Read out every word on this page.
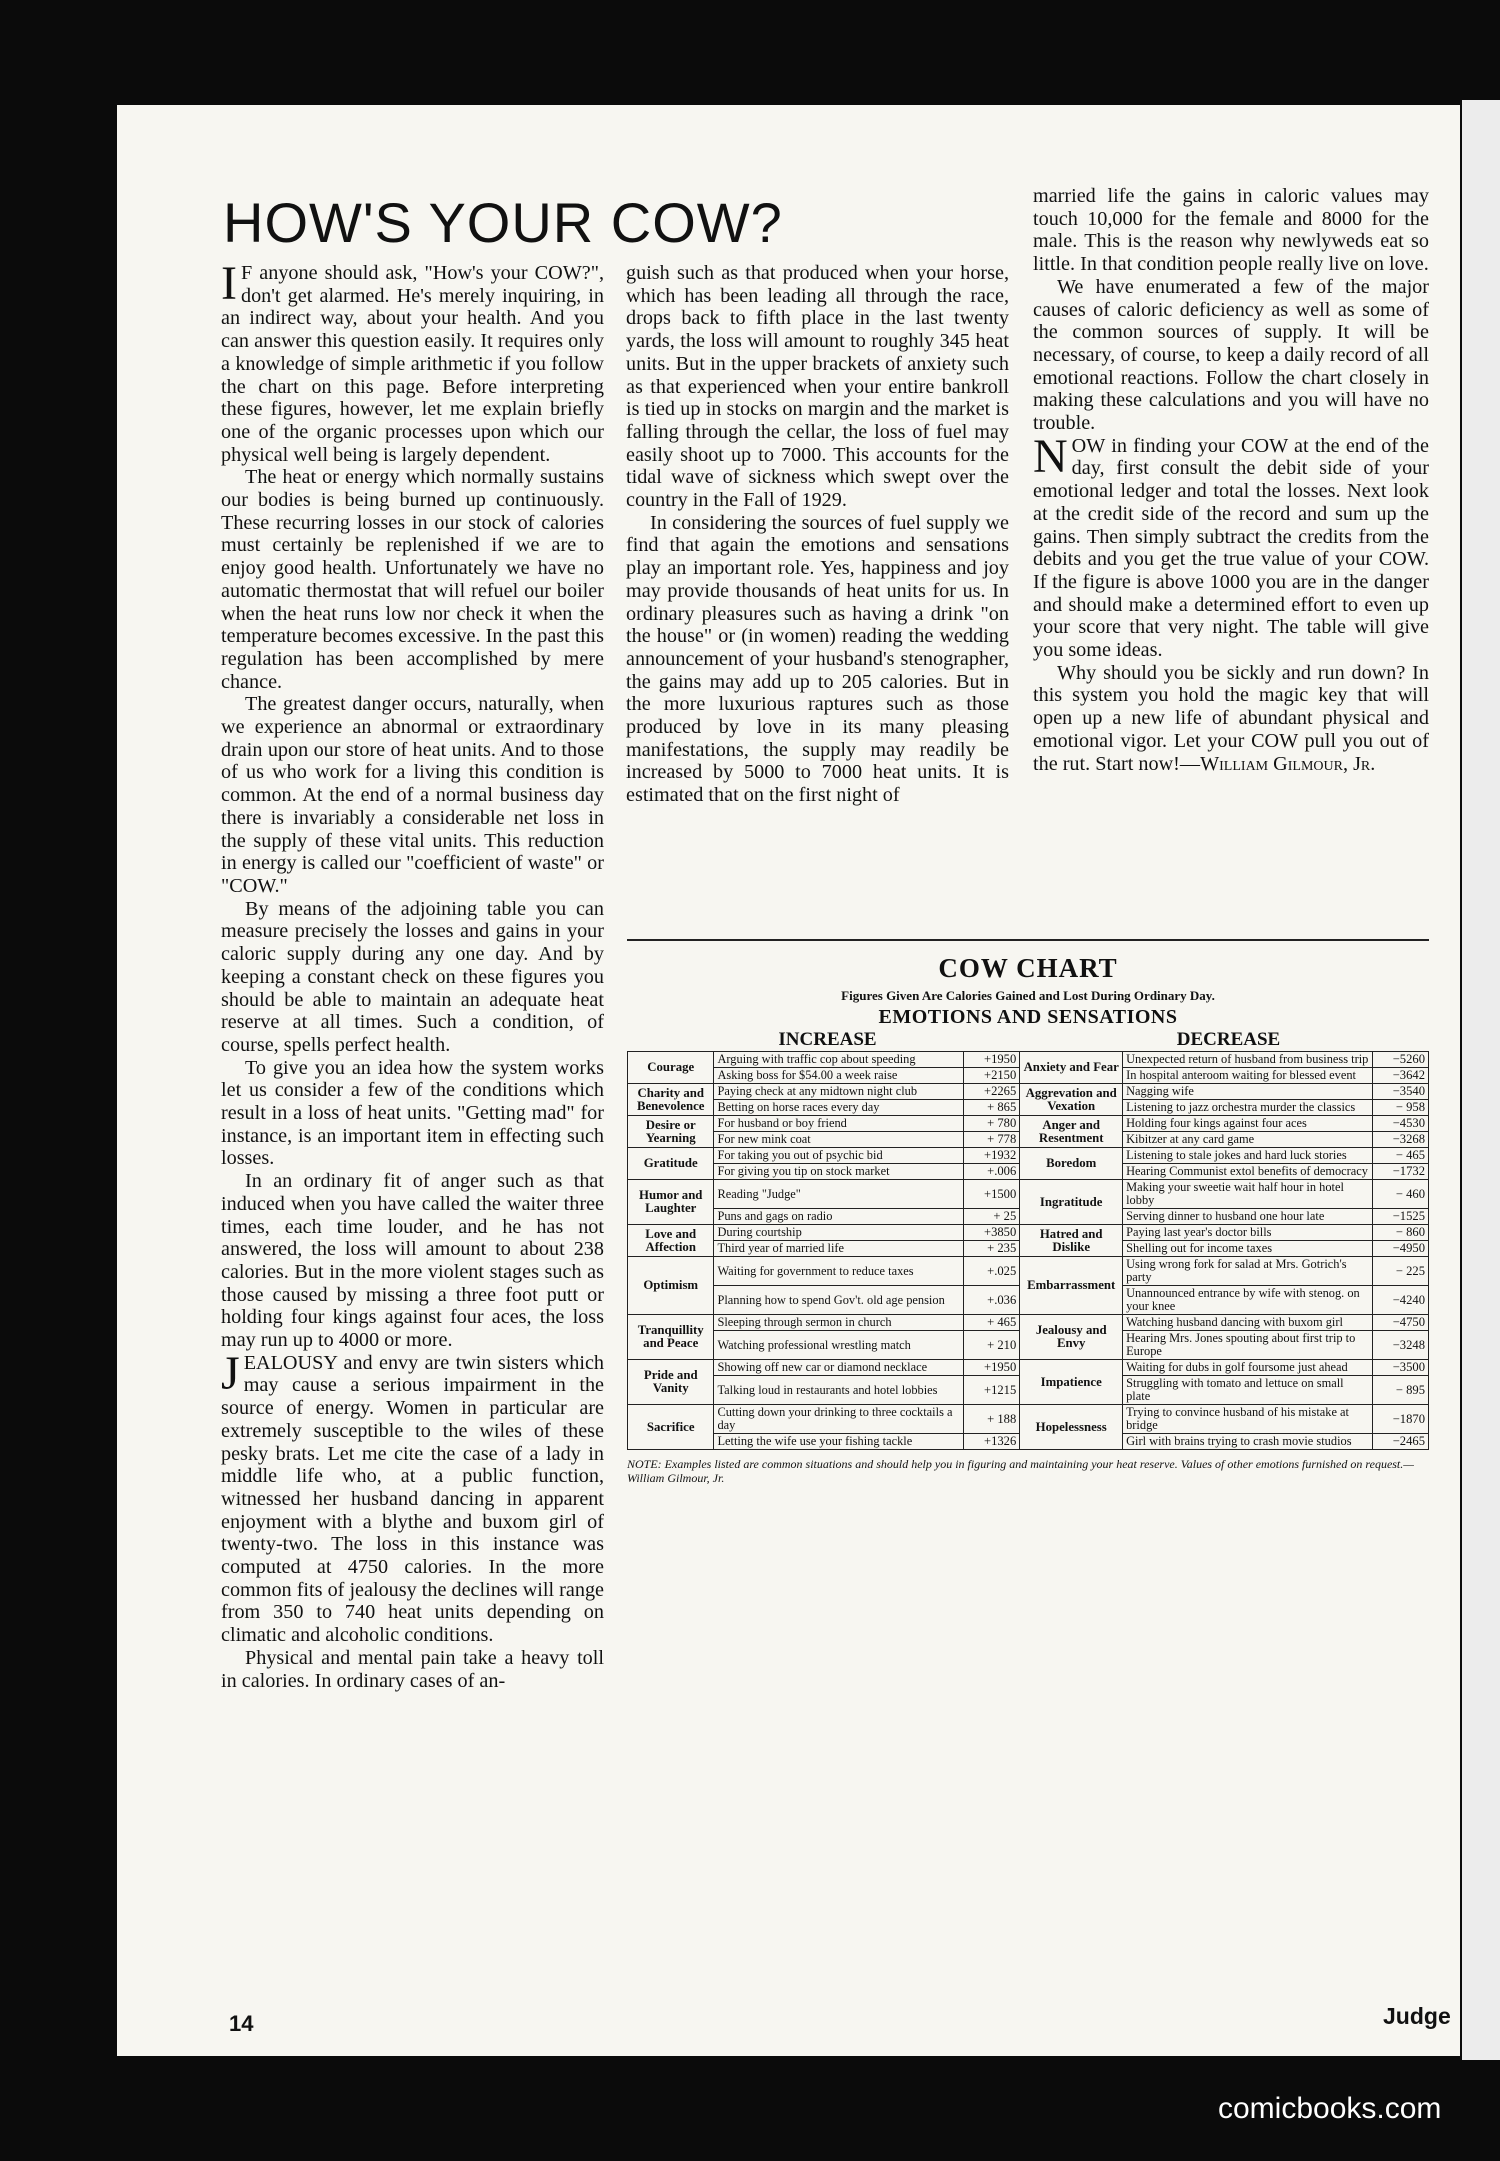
HOW'S YOUR COW?

I F anyone should ask, "How's your COW?", don't get alarmed. He's merely inquiring, in an indirect way, about your health. And you can answer this question easily. It requires only a knowledge of simple arithmetic if you follow the chart on this page. Before interpreting these figures, however, let me explain briefly one of the organic processes upon which our physical well being is largely dependent.

The heat or energy which normally sustains our bodies is being burned up continuously. These recurring losses in our stock of calories must certainly be replenished if we are to enjoy good health. Unfortunately we have no automatic thermostat that will refuel our boiler when the heat runs low nor check it when the temperature becomes excessive. In the past this regulation has been accomplished by mere chance.

The greatest danger occurs, naturally, when we experience an abnormal or extraordinary drain upon our store of heat units. And to those of us who work for a living this condition is common. At the end of a normal business day there is invariably a considerable net loss in the supply of these vital units. This reduction in energy is called our "coefficient of waste" or "COW."

By means of the adjoining table you can measure precisely the losses and gains in your caloric supply during any one day. And by keeping a constant check on these figures you should be able to maintain an adequate heat reserve at all times. Such a condition, of course, spells perfect health.

To give you an idea how the system works let us consider a few of the conditions which result in a loss of heat units. "Getting mad" for instance, is an important item in effecting such losses.

In an ordinary fit of anger such as that induced when you have called the waiter three times, each time louder, and he has not answered, the loss will amount to about 238 calories. But in the more violent stages such as those caused by missing a three foot putt or holding four kings against four aces, the loss may run up to 4000 or more.

JEALOUSY and envy are twin sisters which may cause a serious impairment in the source of energy. Women in particular are extremely susceptible to the wiles of these pesky brats. Let me cite the case of a lady in middle life who, at a public function, witnessed her husband dancing in apparent enjoyment with a blythe and buxom girl of twenty-two. The loss in this instance was computed at 4750 calories. In the more common fits of jealousy the declines will range from 350 to 740 heat units depending on climatic and alcoholic conditions.

Physical and mental pain take a heavy toll in calories. In ordinary cases of an-

guish such as that produced when your horse, which has been leading all through the race, drops back to fifth place in the last twenty yards, the loss will amount to roughly 345 heat units. But in the upper brackets of anxiety such as that experienced when your entire bankroll is tied up in stocks on margin and the market is falling through the cellar, the loss of fuel may easily shoot up to 7000. This accounts for the tidal wave of sickness which swept over the country in the Fall of 1929.

In considering the sources of fuel supply we find that again the emotions and sensations play an important role. Yes, happiness and joy may provide thousands of heat units for us. In ordinary pleasures such as having a drink "on the house" or (in women) reading the wedding announcement of your husband's stenographer, the gains may add up to 205 calories. But in the more luxurious raptures such as those produced by love in its many pleasing manifestations, the supply may readily be increased by 5000 to 7000 heat units. It is estimated that on the first night of

married life the gains in caloric values may touch 10,000 for the female and 8000 for the male. This is the reason why newlyweds eat so little. In that condition people really live on love.

We have enumerated a few of the major causes of caloric deficiency as well as some of the common sources of supply. It will be necessary, of course, to keep a daily record of all emotional reactions. Follow the chart closely in making these calculations and you will have no trouble.

NOW in finding your COW at the end of the day, first consult the debit side of your emotional ledger and total the losses. Next look at the credit side of the record and sum up the gains. Then simply subtract the credits from the debits and you get the true value of your COW. If the figure is above 1000 you are in the danger and should make a determined effort to even up your score that very night. The table will give you some ideas.

Why should you be sickly and run down? In this system you hold the magic key that will open up a new life of abundant physical and emotional vigor. Let your COW pull you out of the rut. Start now!—William Gilmour, Jr.

COW CHART
Figures Given Are Calories Gained and Lost During Ordinary Day.
EMOTIONS AND SENSATIONS
INCREASE	DECREASE
Courage	Arguing with traffic cop about speeding	+1950	Anxiety and Fear	Unexpected return of husband from business trip	−5260
	Asking boss for $54.00 a week raise	+2150		In hospital anteroom waiting for blessed event	−3642
Charity and Benevolence	Paying check at any midtown night club	+2265	Aggrevation and Vexation	Nagging wife	−3540
	Betting on horse races every day	+ 865		Listening to jazz orchestra murder the classics	− 958
Desire or Yearning	For husband or boy friend	+ 780	Anger and Resentment	Holding four kings against four aces	−4530
	For new mink coat	+ 778		Kibitzer at any card game	−3268
Gratitude	For taking you out of psychic bid	+1932	Boredom	Listening to stale jokes and hard luck stories	− 465
	For giving you tip on stock market	+.006		Hearing Communist extol benefits of democracy	−1732
Humor and Laughter	Reading "Judge"	+1500	Ingratitude	Making your sweetie wait half hour in hotel lobby	− 460
	Puns and gags on radio	+ 25		Serving dinner to husband one hour late	−1525
Love and Affection	During courtship	+3850	Hatred and Dislike	Paying last year's doctor bills	− 860
	Third year of married life	+ 235		Shelling out for income taxes	−4950
Optimism	Waiting for government to reduce taxes	+.025	Embarrassment	Using wrong fork for salad at Mrs. Gotrich's party	− 225
	Planning how to spend Gov't. old age pension	+.036		Unannounced entrance by wife with stenog. on your knee	−4240
Tranquillity and Peace	Sleeping through sermon in church	+ 465	Jealousy and Envy	Watching husband dancing with buxom girl	−4750
	Watching professional wrestling match	+ 210		Hearing Mrs. Jones spouting about first trip to Europe	−3248
Pride and Vanity	Showing off new car or diamond necklace	+1950	Impatience	Waiting for dubs in golf foursome just ahead	−3500
	Talking loud in restaurants and hotel lobbies	+1215		Struggling with tomato and lettuce on small plate	− 895
Sacrifice	Cutting down your drinking to three cocktails a day	+ 188	Hopelessness	Trying to convince husband of his mistake at bridge	−1870
	Letting the wife use your fishing tackle	+1326		Girl with brains trying to crash movie studios	−2465
NOTE: Examples listed are common situations and should help you in figuring and maintaining your heat reserve. Values of other emotions furnished on request.—William Gilmour, Jr.
14	Judge
comicbooks.com
